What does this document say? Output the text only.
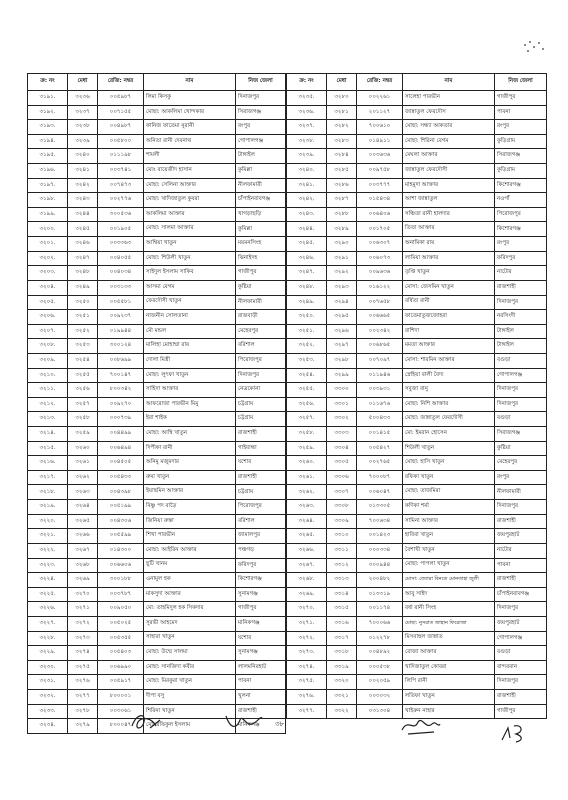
ক্র: নং	মেধা	রেজি: নম্বর	নাম	নিজ জেলা
৩১৯১.	৩২৩৬	০০৫৯৮৭	লিমা কিসকু	দিনাজপুর
৩১৯২.	৩২৩৭	০০৭১৫৫	মোছা: আকলিমা খোন্দকার	সিরাজগঞ্জ
৩১৯৩.	৩২৩৮	০০৪৯৮৭	কানিজ ফাতেমা নুরানী	রংপুর
৩১৯৪.	৩২৩৯	০০৫৮০০	অনিতা রানী দেবনাথ	গোপালগঞ্জ
৩১৯৫.	৩২৪০	০১১১৯৮	শামলী	টাঙ্গাইল
৩১৯৬.	৩২৪১	০০৩৭৪১	মোঃ বায়েজীদ হাসান	কুমিল্লা
৩১৯৭.	৩২৪২	০০৭৪৭৩	মোছা: সেলিনা আক্তার	নীলফামারী
৩১৯৮.	৩২৪৩	০০২৭৭৬	মোছা: খাদিজাতুল কুবরা	চাঁপাইনবাবগঞ্জ
৩১৯৯.	৩২৪৪	৩০০৫৩৬	আকলিমা আক্তার	খাগড়াছড়ি
৩২০০.	৩২৪৫	০০১৯০৫	মোছা: সালমা আক্তার	কুমিল্লা
৩২০১.	৩২৪৬	০০৩৩৬৩	আম্বিয়া খাতুন	ময়মনসিংহ
৩২০২.	৩২৪৭	০০৪০৫৫	মোছা: শিউলী খাতুন	ঝিনাইদহ
৩২০৩.	৩২৪৮	০০৪০৩৪	সাইদুল ইসলাম সাকিব	গাজীপুর
৩২০৪.	৩২৪৯	০০৩১৩৩	আসমা বেগম	কুষ্টিয়া
৩২০৫.	৩২৫০	০০৫৫৮১	ফেরদৌসী খাতুন	নীলফামারী
৩২০৬.	৩২৫১	০০৯২৩৭	নাজনীন সোলতানা	রাজবাড়ী
৩২০৭.	৩২৫২	০১৯৯৪৪	মৌ মন্ডল	মেহেরপুর
৩২০৮.	৩২৫৩	৩০০১২৪	মালিহা মোহাম্মা রায়	বরিশাল
৩২০৯.	৩২৫৪	০০৮৬৯৯	দোলা মিস্ত্রী	পিরোজপুর
৩২১০.	৩২৫৫	৭০০১৪৭	মোছা: লুৎফা খাতুন	দিনাজপুর
৩২১১.	৩২৫৬	৮০০৩৪২	সাহিদা আক্তার	নেত্রকোনা
৩২১২.	৩২৫৭	০০৯২৭০	আফরোজা পারভীন মিমু	চট্টগ্রাম
৩২১৩.	৩২৫৮	০০০৭৩৯	ইরা শাইক	চট্টগ্রাম
৩২১৪.	৩২৫৯	০০৪৪৯৯	মোছা: আম্বি খাতুন	রাজশাহী
৩২১৫.	৩২৬০	০০৬৪৯৪	দিপীকা রানী	গাইবান্ধা
৩২১৬.	৩২৬১	০০৪৫০৫	অনিমু মজুমদার	যশোর
৩২১৭.	৩২৬২	০০৫৪৩৩	রুমা খাতুন	রাজশাহী
৩২১৮.	৩২৬৩	০০৪৩৯৮	ইয়াছমিন আক্তার	চট্টগ্রাম
৩২১৯.	৩২৬৪	০০৫১৯৯	বিষ্ণু পদ বাড়ৈ	পিরোজপুর
৩২২০.	৩২৬৫	০০৪৩০৬	জিনিয়া রুস্তা	বরিশাল
৩২২১.	৩২৬৬	০০৫৫৯৯	শিখা পারভীন	জামালপুর
৩২২২.	৩২৬৭	০১৪৩০০	মোছা: আইরিন আক্তার	পঞ্চগড়
৩২২৩.	৩২৬৮	০০৬৬০৬	ছুটি খানম	ফরিদপুর
৩২২৪.	৩২৬৯	৩০০১৮৮	এনামুল হক	কিশোরগঞ্জ
৩২২৫.	৩২৭০	০০৩৭৮৭	মাকসুদা আক্তার	সুনামগঞ্জ
৩২২৬.	৩২৭১	০০৯০৫০	মো: তাহমিদুল হক সিকদার	গাজীপুর
৩২২৭.	৩২৭২	০০৫০২৫	সুরভী আহমেদ	মানিকগঞ্জ
৩২২৮.	৩২৭৩	০০৫৩৫৫	সাহারা খাতুন	যশোর
৩২২৯.	৩২৭৪	০০৫৪০৩	মোছা: উম্মে সালমা	সুনামগঞ্জ
৩২৩০.	৩২৭৫	০০৬৯৯০	মোছা: সানজিদা কবীর	লালমনিরহাট
৩২৩১.	৩২৭৬	০০৫৯১৭	মোছা: মিরকুরা খাতুন	পাবনা
৩২৩২.	৩২৭৭	৮০০০০১	দীপা বসু	খুলনা
৩২৩৩.	৩২৭৮	০০৩০৬১	শিরিনা খাতুন	রাজশাহী
৩২৩৪.	৩২৭৯	৮০০০৪৭	মো: রফিকুল ইসলাম	মানিকগঞ্জ
ক্র: নং	মেধা	রেজি: নম্বর	নাম	নিজ জেলা
৩২৩৫.	৩২৮০	০০২২৬১	সালেহা পারভীন	গাজীপুর
৩২৩৬.	৩২৮১	২০১১২৭	জান্নাতুল ফেরদৌস	পাবনা
৩২৩৭.	৩২৮২	৭০০৬১০	মোছা: সন্ধ্যা আকতার	রংপুর
৩২৩৮.	৩২৮৩	০১৪৯১১	মোছা: শিরিনা বেগম	কুড়িগ্রাম
৩২৩৯.	৩২৮৪	০০৩৬৩৬	মেঘলা আক্তার	সিরাজগঞ্জ
৩২৪০.	৩২৮৫	০০৯৭৫৮	জান্নাতুল ফেরদৌসী	কুড়িগ্রাম
৩২৪১.	৩২৮৬	০০৩৭৭৭	মাহমুদা আক্তার	কিশোরগঞ্জ
৩২৪২.	৩২৮৭	০১৫৪৩৪	আশা জান্নাতুল	নওগাঁ
৩২৪৩.	৩২৮৮	০০৬৪০৬	সঞ্চিতা রানী হালদার	পিরোজপুর
৩২৪৪.	৩২৮৯	০০১৭০৫	তিতা আক্তার	কিশোরগঞ্জ
৩২৪৫.	৩২৯০	০০৬৩০৭	অনামিকা রায়	রংপুর
৩২৪৬.	৩২৯১	০০৬০৭৩	লামিয়া আক্তার	ফরিদপুর
৩২৪৭.	৩২৯২	০০৯৬৩৬	তৃপ্তি খাতুন	নাটোর
৩২৪৮.	৩২৯৩	০১৬১২২	মোসা: জেসমিন খাতুন	রাজশাহী
৩২৪৯.	৩২৯৪	০০৭৬৫৮	বর্ষিতা রানী	দিনাজপুর
৩২৫০.	৩২৯৫	০০৬৬৬৫	ফাতেমাতুজজোহরা	নরসিংদী
৩২৫১.	৩২৯৬	০০২৩৪২	রাশিদা	টাঙ্গাইল
৩২৫২.	৩২৯৭	০০৬৮৬৫	মমতা আক্তার	টাঙ্গাইল
৩২৫৩.	৩২৯৮	০০৭০৯৭	মোসা: শারমিন আক্তার	বগুড়া
৩২৫৪.	৩২৯৯	০১১৯৪৬	স্নেহিয়া বালী বৈদ্য	গোপালগঞ্জ
৩২৫৫.	৩৩০০	০০৩৯৩১	সবুজা বানু	দিনাজপুর
৩২৫৬.	৩৩০১	০১১৬৭৬	মোছা: নিশি আক্তার	দিনাজপুর
৩২৫৭.	৩৩০২	৫০০৪৩৩	মোছা: জান্নাতুল ফেরদৌসী	বগুড়া
৩২৫৮.	৩৩০৩	০০১৪১৫	মো: ইমরান হোসেন	সিরাজগঞ্জ
৩২৫৯.	৩৩০৪	০০৫৪২৭	শিউলী খাতুন	কুষ্টিয়া
৩২৬০.	৩৩০৫	০০২৭৬৫	মোছা: হাসি খাতুন	মেহেরপুর
৩২৬১.	৩৩০৬	৭০০০৮৭	রফিকা খাতুন	রংপুর
৩২৬২.	৩৩০৭	০০৬০৪৭	মোছা: তাজমিরা	নীলফামারী
৩২৬৩.	৩৩০৮	০১৩৩০৫	কণিকা শর্মা	দিনাজপুর
৩২৬৪.	৩৩০৯	৭০০৬৩৪	সামিনা আক্তার	রাজশাহী
৩২৬৫.	৩৩১০	০০১৪২৩	হাবিবা খাতুন	জয়পুরহাট
৩২৬৬.	৩৩১১	০০০৩৩৪	বৈশাখী খাতুন	নাটোর
৩২৬৭.	৩৩১২	৩০০৯৪৪	মোছা: পাপলা খাতুন	পাবনা
৩২৬৮.	৩৩১৩	২০০৪৮২	মোসা: জ্যোরা বিনতে মোনতাহা জুলী	রাজশাহী
৩২৬৯.	৩৩১৪	০১৩৩১৯	আবু সাইদ	চাঁপাইনবাবগঞ্জ
৩২৭০.	৩৩১৫	০০১১৭৪	বর্ষা রানী সিংহ	দিনাজপুর
৩২৭১.	৩৩১৬	৭০০০৬৬	মোছা: নুসরাত জাহান ফিরোজা	জয়পুরহাট
৩২৭২.	৩৩১৭	০১২২৭৮	মিসবাহুল জান্নাত	গোপালগঞ্জ
৩২৭৩.	৩৩১৮	০০৪৮৯২	রোজা আক্তার	বগুড়া
৩২৭৪.	৩৩১৯	০০০৫৩৮	খাদিজাতুল কোবরা	বান্দরবান
৩২৭৫.	৩৩২০	০০২০৫৯	লিপি রানী	দিনাজপুর
৩২৭৬.	৩৩২১	০০৩০৩২	লতিফা খাতুন	রাজশাহী
৩২৭৭.	৩৩২২	০৩১৩০৪	খাইরুন নাহার	গাজীপুর
৩৮
